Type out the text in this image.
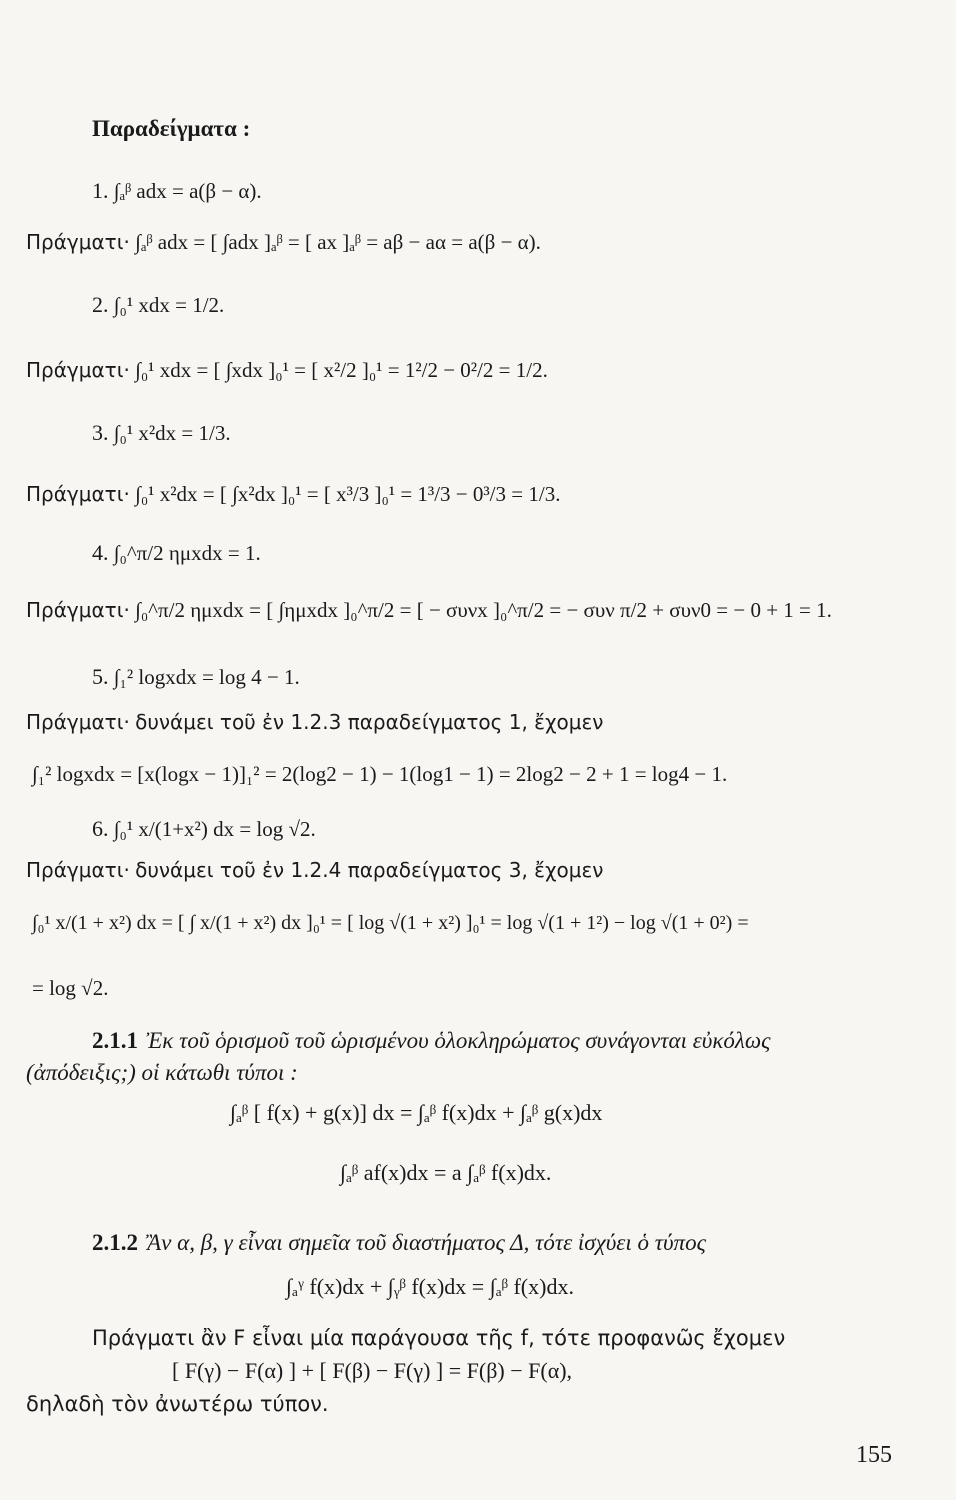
Παραδείγματα :
1. ∫ₐᵝ adx = a(β − α).
Πράγματι· ∫ₐᵝ adx = [ ∫adx ]ₐᵝ = [ ax ]ₐᵝ = aβ − aα = a(β − α).
2. ∫₀¹ xdx = 1/2.
Πράγματι· ∫₀¹ xdx = [ ∫xdx ]₀¹ = [ x²/2 ]₀¹ = 1²/2 − 0²/2 = 1/2.
3. ∫₀¹ x²dx = 1/3.
Πράγματι· ∫₀¹ x²dx = [ ∫x²dx ]₀¹ = [ x³/3 ]₀¹ = 1³/3 − 0³/3 = 1/3.
4. ∫₀^π/2 ημxdx = 1.
Πράγματι· ∫₀^π/2 ημxdx = [ ∫ημxdx ]₀^π/2 = [ − συνx ]₀^π/2 = − συν π/2 + συν0 = − 0 + 1 = 1.
5. ∫₁² logxdx = log 4 − 1.
Πράγματι· δυνάμει τοῦ ἐν 1.2.3 παραδείγματος 1, ἔχομεν
∫₁² logxdx = [x(logx − 1)]₁² = 2(log2 − 1) − 1(log1 − 1) = 2log2 − 2 + 1 = log4 − 1.
6. ∫₀¹ x/(1+x²) dx = log √2.
Πράγματι· δυνάμει τοῦ ἐν 1.2.4 παραδείγματος 3, ἔχομεν
∫₀¹ x/(1 + x²) dx = [ ∫ x/(1 + x²) dx ]₀¹ = [ log √(1 + x²) ]₀¹ = log √(1 + 1²) − log √(1 + 0²) =
= log √2.
2.1.1 Ἐκ τοῦ ὁρισμοῦ τοῦ ὡρισμένου ὁλοκληρώματος συνάγονται εὐκόλως
(ἀπόδειξις;) οἱ κάτωθι τύποι :
∫ₐᵝ [ f(x) + g(x)] dx = ∫ₐᵝ f(x)dx + ∫ₐᵝ g(x)dx
∫ₐᵝ af(x)dx = a ∫ₐᵝ f(x)dx.
2.1.2 Ἂν α, β, γ εἶναι σημεῖα τοῦ διαστήματος Δ, τότε ἰσχύει ὁ τύπος
∫ₐᵞ f(x)dx + ∫ᵧᵝ f(x)dx = ∫ₐᵝ f(x)dx.
Πράγματι ἂν F εἶναι μία παράγουσα τῆς f, τότε προφανῶς ἔχομεν
[ F(γ) − F(α) ] + [ F(β) − F(γ) ] = F(β) − F(α),
δηλαδὴ τὸν ἀνωτέρω τύπον.
155
